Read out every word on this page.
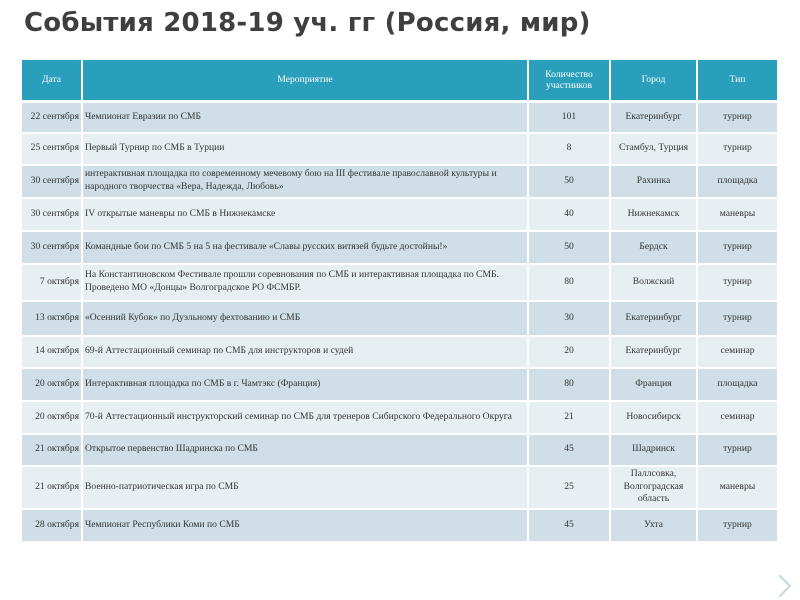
События 2018-19 уч. гг (Россия, мир)
Дата	Мероприятие	Количество участников	Город	Тип
22 сентября	Чемпионат Евразии по СМБ	101	Екатеринбург	турнир
25 сентября	Первый Турнир по СМБ в Турции	8	Стамбул, Турция	турнир
30 сентября	интерактивная площадка по современному мечевому бою на III фестивале православной культуры и народного творчества «Вера, Надежда, Любовь»	50	Рахинка	площадка
30 сентября	IV открытые маневры по СМБ в Нижнекамске	40	Нижнекамск	маневры
30 сентября	Командные бои по СМБ 5 на 5 на фестивале «Славы русских витязей будьте достойны!»	50	Бердск	турнир
7 октября	На Константиновском Фестивале прошли соревнования по СМБ и интерактивная площадка по СМБ. Проведено МО «Донцы» Волгоградское РО ФСМБР.	80	Волжский	турнир
13 октября	«Осенний Кубок» по Дуэльному фехтованию и СМБ	30	Екатеринбург	турнир
14 октября	69-й Аттестационный семинар по СМБ для инструкторов и судей	20	Екатеринбург	семинар
20 октября	Интерактивная площадка по СМБ в г. Чамтэкс (Франция)	80	Франция	площадка
20 октября	70-й Аттестационный инструкторский семинар по СМБ для тренеров Сибирского Федерального Округа	21	Новосибирск	семинар
21 октября	Открытое первенство Шадринска по СМБ	45	Шадринск	турнир
21 октября	Военно-патриотическая игра по СМБ	25	Паллсовка, Волгоградская область	маневры
28 октября	Чемпионат Республики Коми по СМБ	45	Ухта	турнир
